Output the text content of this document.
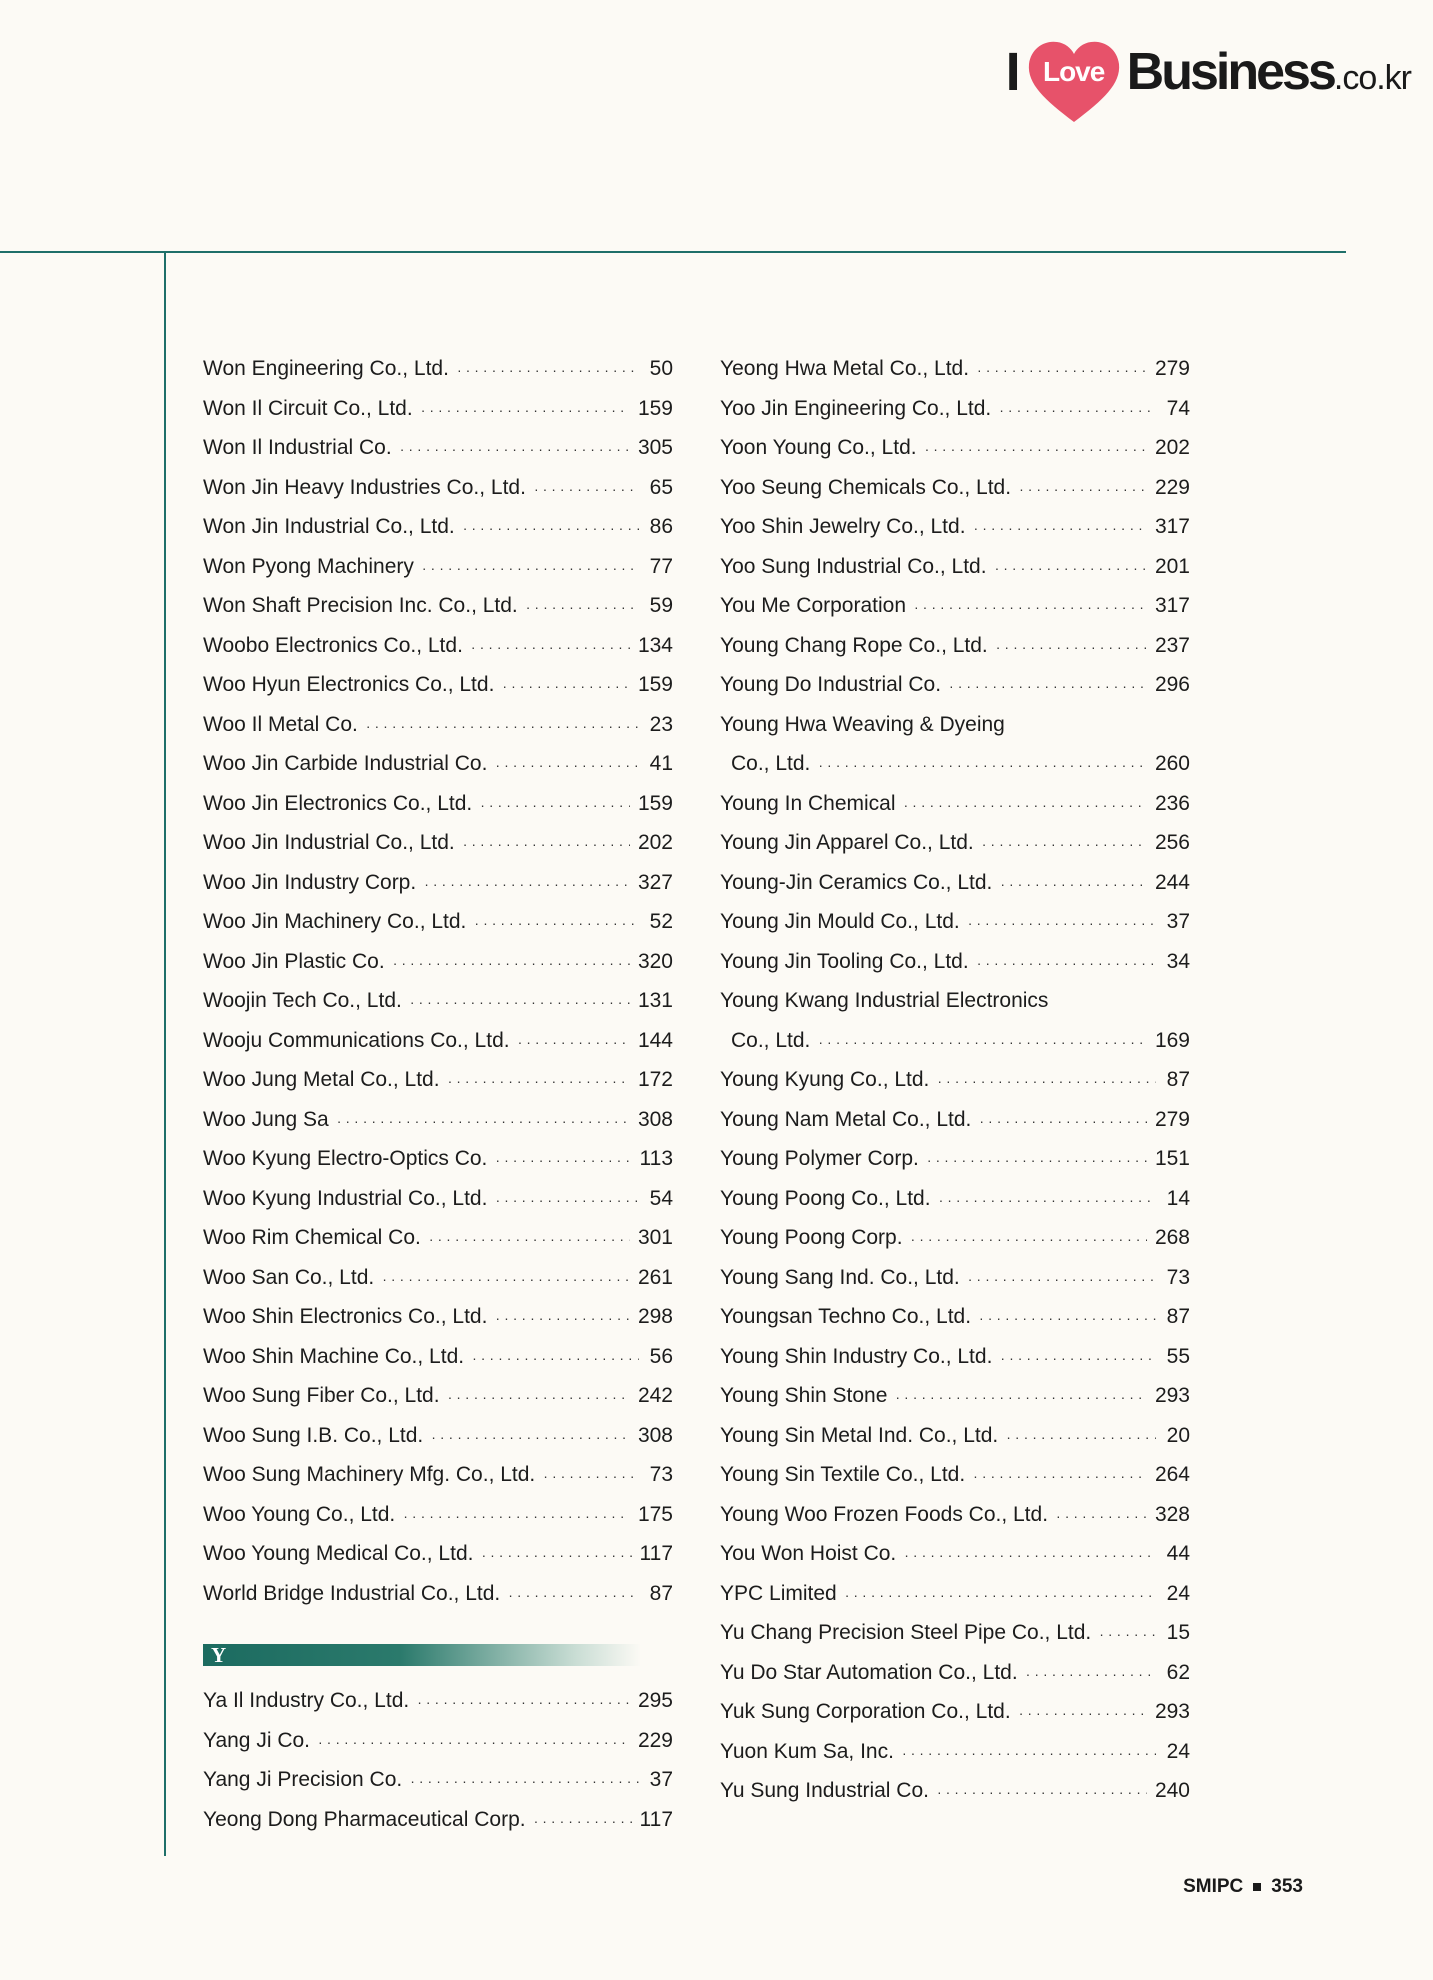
I Love Business .co.kr
Won Engineering Co., Ltd. ·····	50
Won Il Circuit Co., Ltd. ·····	159
Won Il Industrial Co. ·····	305
Won Jin Heavy Industries Co., Ltd. ·····	65
Won Jin Industrial Co., Ltd. ·····	86
Won Pyong Machinery ·····	77
Won Shaft Precision Inc. Co., Ltd. ·····	59
Woobo Electronics Co., Ltd. ·····	134
Woo Hyun Electronics Co., Ltd. ·····	159
Woo Il Metal Co. ·····	23
Woo Jin Carbide Industrial Co. ·····	41
Woo Jin Electronics Co., Ltd. ·····	159
Woo Jin Industrial Co., Ltd. ·····	202
Woo Jin Industry Corp. ·····	327
Woo Jin Machinery Co., Ltd. ·····	52
Woo Jin Plastic Co. ·····	320
Woojin Tech Co., Ltd. ·····	131
Wooju Communications Co., Ltd. ·····	144
Woo Jung Metal Co., Ltd. ·····	172
Woo Jung Sa ·····	308
Woo Kyung Electro-Optics Co. ·····	113
Woo Kyung Industrial Co., Ltd. ·····	54
Woo Rim Chemical Co. ·····	301
Woo San Co., Ltd. ·····	261
Woo Shin Electronics Co., Ltd. ·····	298
Woo Shin Machine Co., Ltd. ·····	56
Woo Sung Fiber Co., Ltd. ·····	242
Woo Sung I.B. Co., Ltd. ·····	308
Woo Sung Machinery Mfg. Co., Ltd. ·····	73
Woo Young Co., Ltd. ·····	175
Woo Young Medical Co., Ltd. ·····	117
World Bridge Industrial Co., Ltd. ·····	87
Y
Ya Il Industry Co., Ltd. ·····	295
Yang Ji Co. ·····	229
Yang Ji Precision Co. ·····	37
Yeong Dong Pharmaceutical Corp. ·····	117
Yeong Hwa Metal Co., Ltd. ·····	279
Yoo Jin Engineering Co., Ltd. ·····	74
Yoon Young Co., Ltd. ·····	202
Yoo Seung Chemicals Co., Ltd. ·····	229
Yoo Shin Jewelry Co., Ltd. ·····	317
Yoo Sung Industrial Co., Ltd. ·····	201
You Me Corporation ·····	317
Young Chang Rope Co., Ltd. ·····	237
Young Do Industrial Co. ·····	296
Young Hwa Weaving & Dyeing
Co., Ltd. ·····	260
Young In Chemical ·····	236
Young Jin Apparel Co., Ltd. ·····	256
Young-Jin Ceramics Co., Ltd. ·····	244
Young Jin Mould Co., Ltd. ·····	37
Young Jin Tooling Co., Ltd. ·····	34
Young Kwang Industrial Electronics
Co., Ltd. ·····	169
Young Kyung Co., Ltd. ·····	87
Young Nam Metal Co., Ltd. ·····	279
Young Polymer Corp. ·····	151
Young Poong Co., Ltd. ·····	14
Young Poong Corp. ·····	268
Young Sang Ind. Co., Ltd. ·····	73
Youngsan Techno Co., Ltd. ·····	87
Young Shin Industry Co., Ltd. ·····	55
Young Shin Stone ·····	293
Young Sin Metal Ind. Co., Ltd. ·····	20
Young Sin Textile Co., Ltd. ·····	264
Young Woo Frozen Foods Co., Ltd. ·····	328
You Won Hoist Co. ·····	44
YPC Limited ·····	24
Yu Chang Precision Steel Pipe Co., Ltd. ·····	15
Yu Do Star Automation Co., Ltd. ·····	62
Yuk Sung Corporation Co., Ltd. ·····	293
Yuon Kum Sa, Inc. ·····	24
Yu Sung Industrial Co. ·····	240
SMIPC 353
